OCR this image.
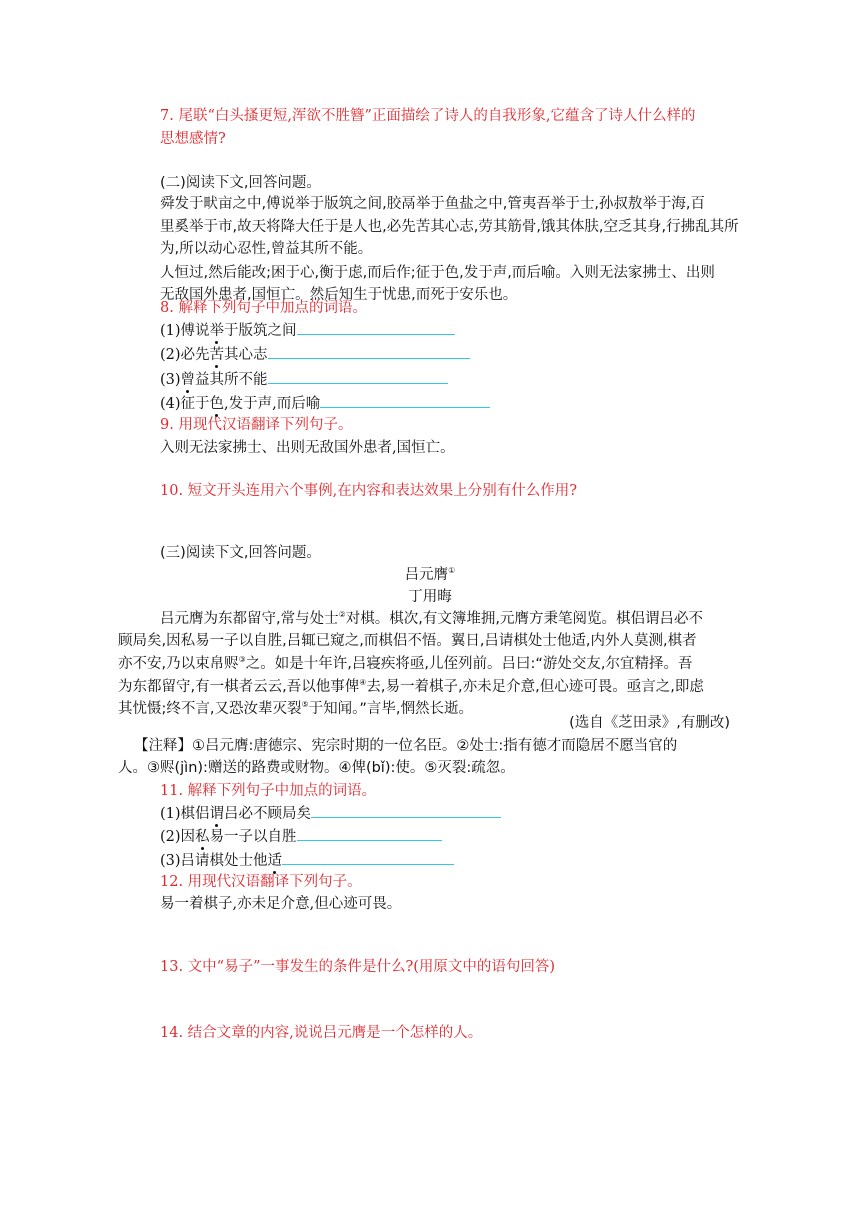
7. 尾联“白头搔更短,浑欲不胜簪”正面描绘了诗人的自我形象,它蕴含了诗人什么样的
思想感情?
(二)阅读下文,回答问题。
舜发于畎亩之中,傅说举于版筑之间,胶鬲举于鱼盐之中,管夷吾举于士,孙叔敖举于海,百
里奚举于市,故天将降大任于是人也,必先苦其心志,劳其筋骨,饿其体肤,空乏其身,行拂乱其所
为,所以动心忍性,曾益其所不能。
人恒过,然后能改;困于心,衡于虑,而后作;征于色,发于声,而后喻。入则无法家拂士、出则
无敌国外患者,国恒亡。然后知生于忧患,而死于安乐也。
8. 解释下列句子中加点的词语。
(1)傅说举于版筑之间
(2)必先苦其心志
(3)曾益其所不能
(4)征于色,发于声,而后喻
9. 用现代汉语翻译下列句子。
入则无法家拂士、出则无敌国外患者,国恒亡。
10. 短文开头连用六个事例,在内容和表达效果上分别有什么作用?
(三)阅读下文,回答问题。
吕元膺①
丁用晦
吕元膺为东都留守,常与处士②对棋。棋次,有文簿堆拥,元膺方秉笔阅览。棋侣谓吕必不
顾局矣,因私易一子以自胜,吕辄已窥之,而棋侣不悟。翼日,吕请棋处士他适,内外人莫测,棋者
亦不安,乃以束帛赆③之。如是十年许,吕寝疾将亟,儿侄列前。吕曰:“游处交友,尔宜精择。吾
为东都留守,有一棋者云云,吾以他事俾④去,易一着棋子,亦未足介意,但心迹可畏。亟言之,即虑
其忧慑;终不言,又恐汝辈灭裂⑤于知闻。”言毕,惘然长逝。
(选自《芝田录》,有删改)
【注释】①吕元膺:唐德宗、宪宗时期的一位名臣。②处士:指有德才而隐居不愿当官的
人。③赆(jìn):赠送的路费或财物。④俾(bǐ):使。⑤灭裂:疏忽。
11. 解释下列句子中加点的词语。
(1)棋侣谓吕必不顾局矣
(2)因私易一子以自胜
(3)吕请棋处士他适
12. 用现代汉语翻译下列句子。
易一着棋子,亦未足介意,但心迹可畏。
13. 文中“易子”一事发生的条件是什么?(用原文中的语句回答)
14. 结合文章的内容,说说吕元膺是一个怎样的人。
